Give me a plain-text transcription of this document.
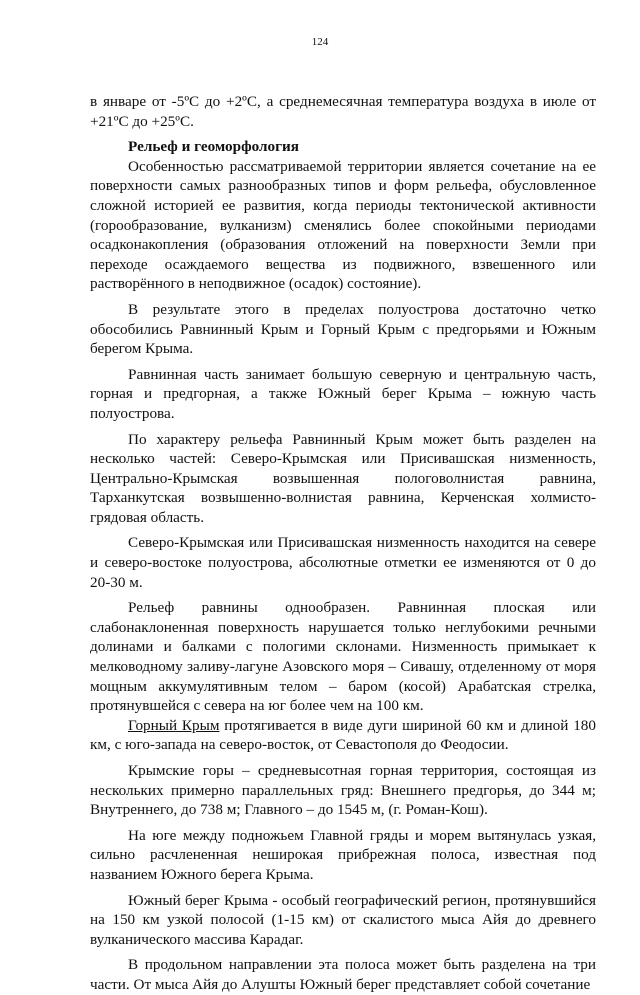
124

в январе от -5ºС до +2ºС, а среднемесячная температура воздуха в июле от +21ºС до +25ºС.

Рельеф и геоморфология

Особенностью рассматриваемой территории является сочетание на ее поверхности самых разнообразных типов и форм рельефа, обусловленное сложной историей ее развития, когда периоды тектонической активности (горообразование, вулканизм) сменялись более спокойными периодами осадконакопления (образования отложений на поверхности Земли при переходе осаждаемого вещества из подвижного, взвешенного или растворённого в неподвижное (осадок) состояние).

В результате этого в пределах полуострова достаточно четко обособились Равнинный Крым и Горный Крым с предгорьями и Южным берегом Крыма.

Равнинная часть занимает большую северную и центральную часть, горная и предгорная, а также Южный берег Крыма – южную часть полуострова.

По характеру рельефа Равнинный Крым может быть разделен на несколько частей: Северо-Крымская или Присивашская низменность, Центрально-Крымская возвышенная пологоволнистая равнина, Тарханкутская возвышенно-волнистая равнина, Керченская холмисто-грядовая область.

Северо-Крымская или Присивашская низменность находится на севере и северо-востоке полуострова, абсолютные отметки ее изменяются от 0 до 20-30 м.

Рельеф равнины однообразен. Равнинная плоская или слабонаклоненная поверхность нарушается только неглубокими речными долинами и балками с пологими склонами. Низменность примыкает к мелководному заливу-лагуне Азовского моря – Сивашу, отделенному от моря мощным аккумулятивным телом – баром (косой) Арабатская стрелка, протянувшейся с севера на юг более чем на 100 км.

Горный Крым протягивается в виде дуги шириной 60 км и длиной 180 км, с юго-запада на северо-восток, от Севастополя до Феодосии.

Крымские горы – средневысотная горная территория, состоящая из нескольких примерно параллельных гряд: Внешнего предгорья, до 344 м; Внутреннего, до 738 м; Главного – до 1545 м, (г. Роман-Кош).

На юге между подножьем Главной гряды и морем вытянулась узкая, сильно расчлененная неширокая прибрежная полоса, известная под названием Южного берега Крыма.

Южный берег Крыма - особый географический регион, протянувшийся на 150 км узкой полосой (1-15 км) от скалистого мыса Айя до древнего вулканического массива Карадаг.

В продольном направлении эта полоса может быть разделена на три части. От мыса Айя до Алушты Южный берег представляет собой сочетание
